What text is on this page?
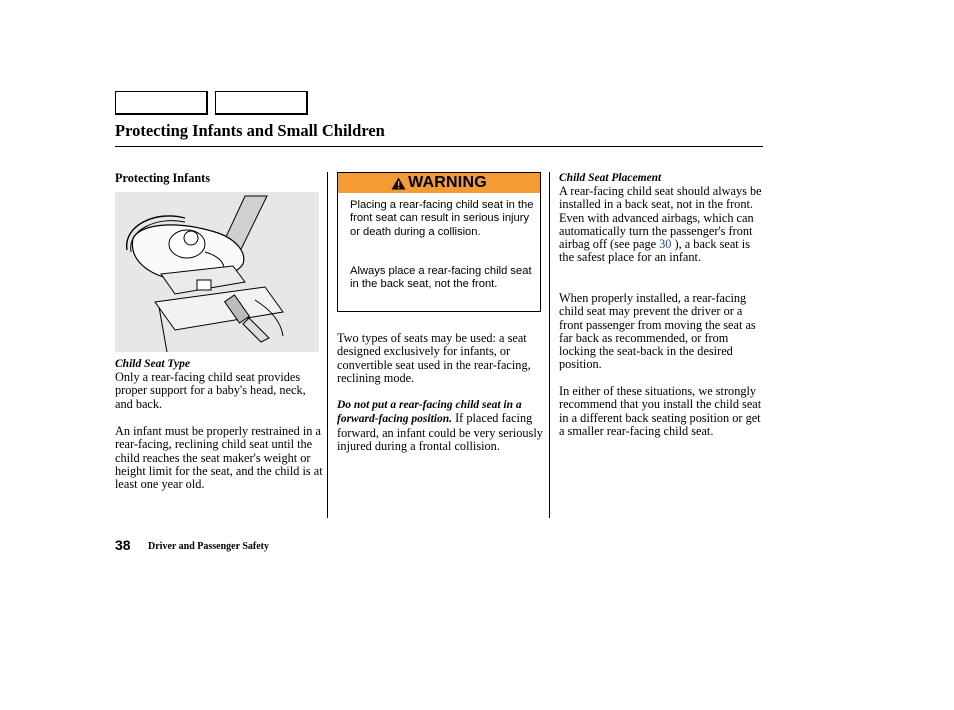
Protecting Infants and Small Children
Protecting Infants
Child Seat Type

Only a rear-facing child seat provides proper support for a baby's head, neck, and back.

An infant must be properly restrained in a rear-facing, reclining child seat until the child reaches the seat maker's weight or height limit for the seat, and the child is at least one year old.

WARNING

Placing a rear-facing child seat in the front seat can result in serious injury or death during a collision.

Always place a rear-facing child seat in the back seat, not the front.

Two types of seats may be used: a seat designed exclusively for infants, or convertible seat used in the rear-facing, reclining mode.

Do not put a rear-facing child seat in a forward-facing position. If placed facing forward, an infant could be very seriously injured during a frontal collision.

Child Seat Placement

A rear-facing child seat should always be installed in a back seat, not in the front. Even with advanced airbags, which can automatically turn the passenger's front airbag off (see page 30 ), a back seat is the safest place for an infant.

When properly installed, a rear-facing child seat may prevent the driver or a front passenger from moving the seat as far back as recommended, or from locking the seat-back in the desired position.

In either of these situations, we strongly recommend that you install the child seat in a different back seating position or get a smaller rear-facing child seat.

38 Driver and Passenger Safety
